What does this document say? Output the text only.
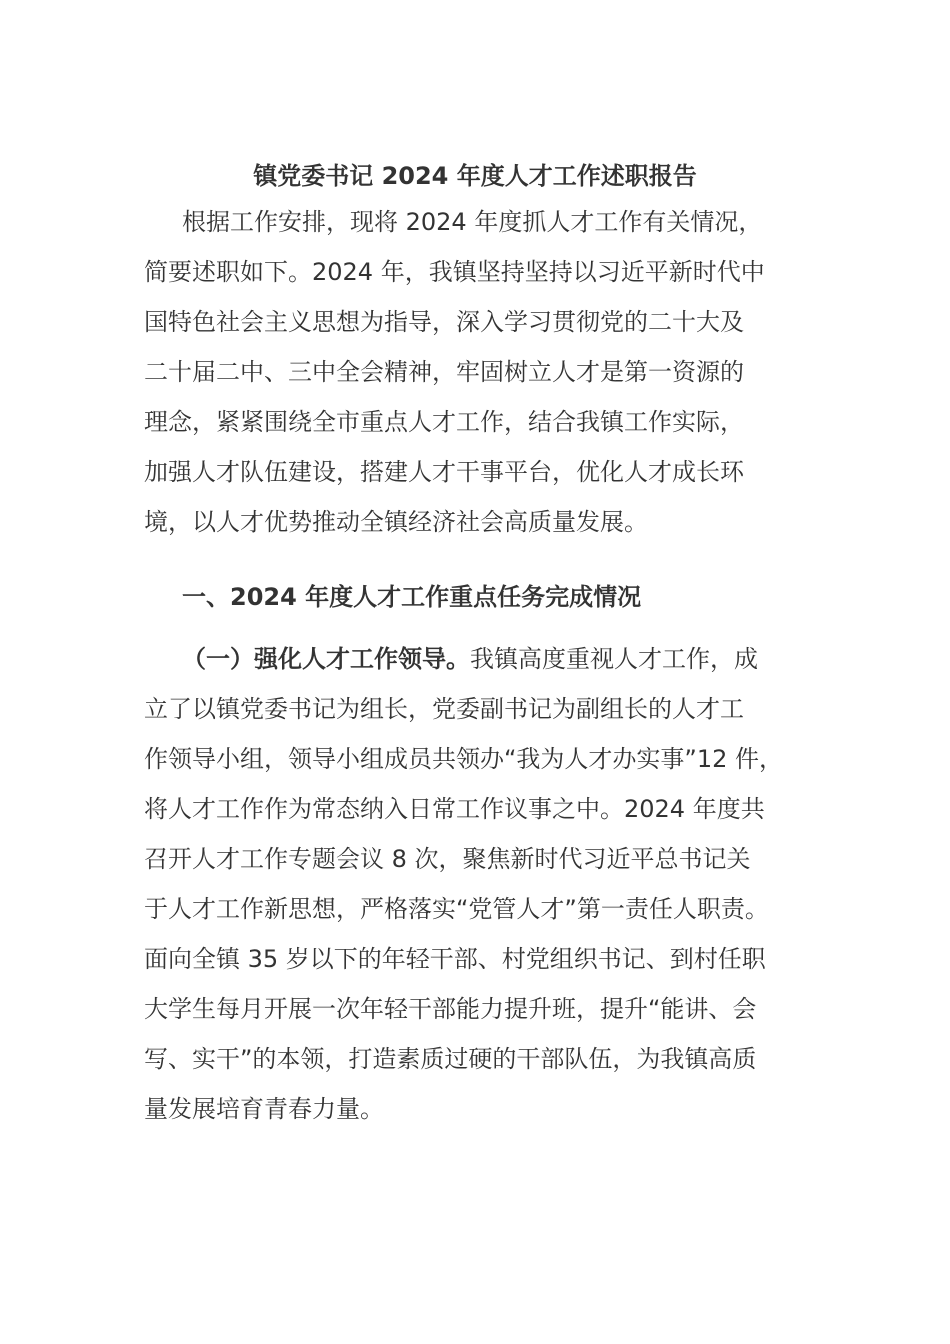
镇党委书记 2024 年度人才工作述职报告
根据工作安排，现将 2024 年度抓人才工作有关情况，
简要述职如下。2024 年，我镇坚持坚持以习近平新时代中
国特色社会主义思想为指导，深入学习贯彻党的二十大及
二十届二中、三中全会精神，牢固树立人才是第一资源的
理念，紧紧围绕全市重点人才工作，结合我镇工作实际，
加强人才队伍建设，搭建人才干事平台，优化人才成长环
境，以人才优势推动全镇经济社会高质量发展。
一、2024 年度人才工作重点任务完成情况
（一）强化人才工作领导。我镇高度重视人才工作，成
立了以镇党委书记为组长，党委副书记为副组长的人才工
作领导小组，领导小组成员共领办“我为人才办实事”12 件，
将人才工作作为常态纳入日常工作议事之中。2024 年度共
召开人才工作专题会议 8 次，聚焦新时代习近平总书记关
于人才工作新思想，严格落实“党管人才”第一责任人职责。
面向全镇 35 岁以下的年轻干部、村党组织书记、到村任职
大学生每月开展一次年轻干部能力提升班，提升“能讲、会
写、实干”的本领，打造素质过硬的干部队伍，为我镇高质
量发展培育青春力量。
